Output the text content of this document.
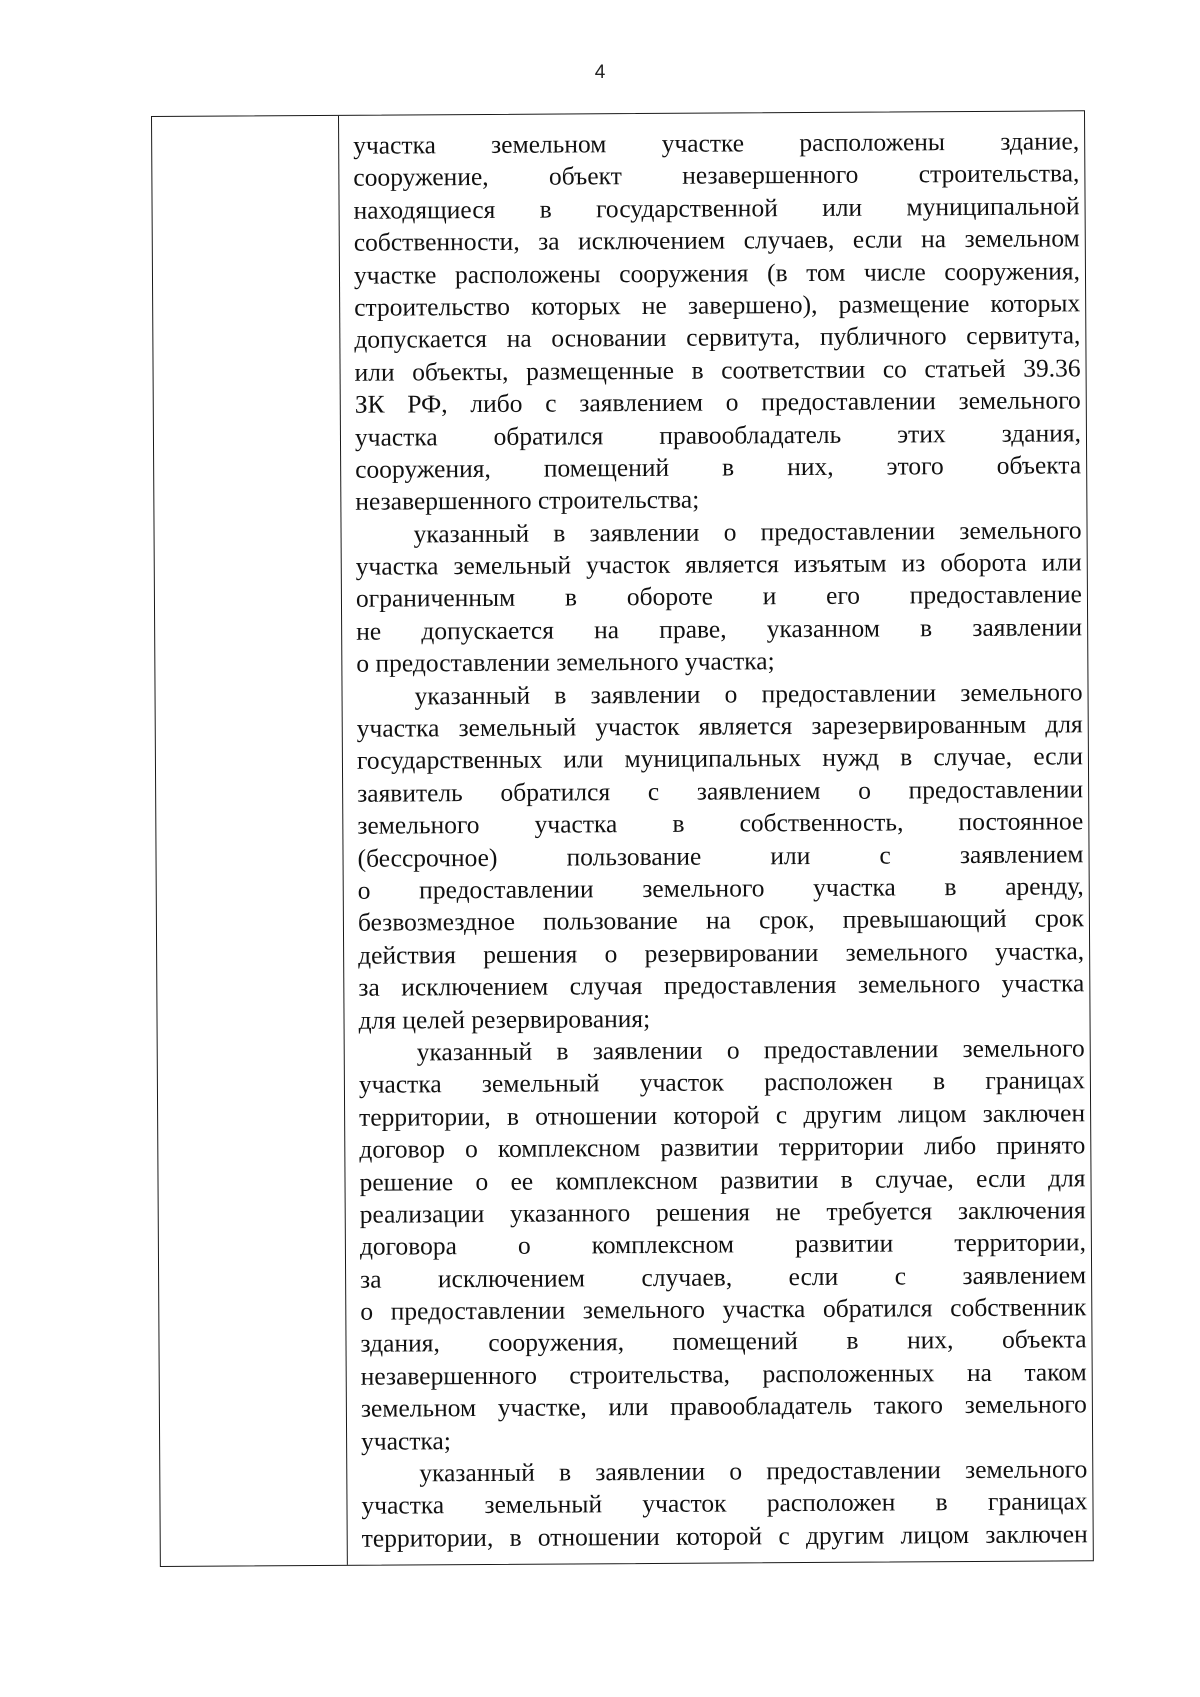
4
участка земельном участке расположены здание,
сооружение, объект незавершенного строительства,
находящиеся в государственной или муниципальной
собственности, за исключением случаев, если на земельном
участке расположены сооружения (в том числе сооружения,
строительство которых не завершено), размещение которых
допускается на основании сервитута, публичного сервитута,
или объекты, размещенные в соответствии со статьей 39.36
ЗК РФ, либо с заявлением о предоставлении земельного
участка обратился правообладатель этих здания,
сооружения, помещений в них, этого объекта
незавершенного строительства;
указанный в заявлении о предоставлении земельного
участка земельный участок является изъятым из оборота или
ограниченным в обороте и его предоставление
не допускается на праве, указанном в заявлении
о предоставлении земельного участка;
указанный в заявлении о предоставлении земельного
участка земельный участок является зарезервированным для
государственных или муниципальных нужд в случае, если
заявитель обратился с заявлением о предоставлении
земельного участка в собственность, постоянное
(бессрочное) пользование или с заявлением
о предоставлении земельного участка в аренду,
безвозмездное пользование на срок, превышающий срок
действия решения о резервировании земельного участка,
за исключением случая предоставления земельного участка
для целей резервирования;
указанный в заявлении о предоставлении земельного
участка земельный участок расположен в границах
территории, в отношении которой с другим лицом заключен
договор о комплексном развитии территории либо принято
решение о ее комплексном развитии в случае, если для
реализации указанного решения не требуется заключения
договора о комплексном развитии территории,
за исключением случаев, если с заявлением
о предоставлении земельного участка обратился собственник
здания, сооружения, помещений в них, объекта
незавершенного строительства, расположенных на таком
земельном участке, или правообладатель такого земельного
участка;
указанный в заявлении о предоставлении земельного
участка земельный участок расположен в границах
территории, в отношении которой с другим лицом заключен
